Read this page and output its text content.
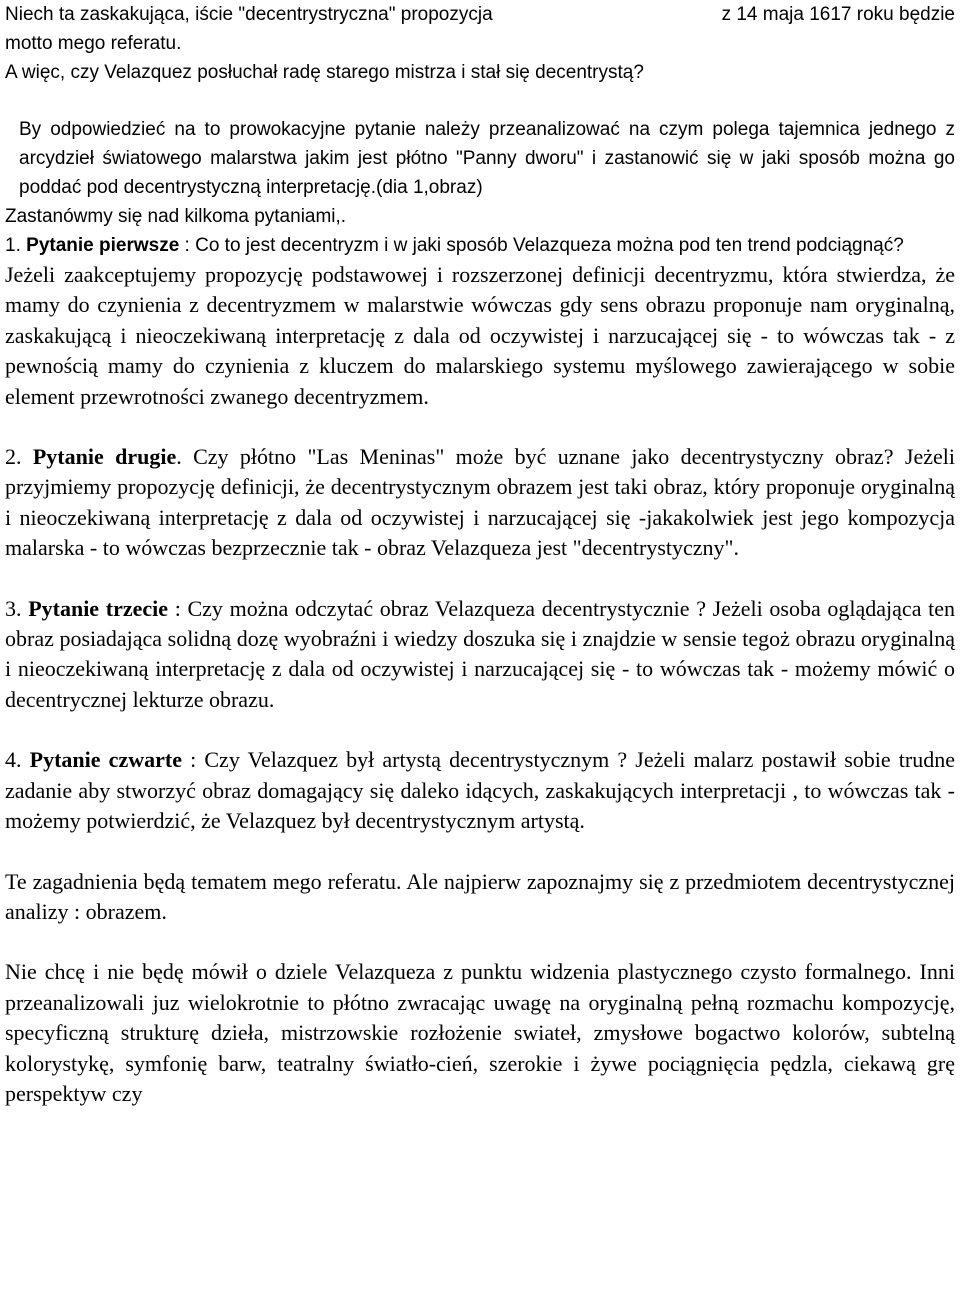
Niech ta zaskakująca, iście "decentrystryczna" propozycja	z 14 maja 1617 roku będzie
motto mego referatu.
A więc, czy Velazquez posłuchał radę starego mistrza i stał się decentrystą?

By odpowiedzieć na to prowokacyjne pytanie należy przeanalizować na czym polega tajemnica jednego z arcydzieł światowego malarstwa jakim jest płótno "Panny dworu" i zastanowić się w jaki sposób można go poddać pod decentrystyczną interpretację.(dia 1,obraz)

Zastanówmy się nad kilkoma pytaniami,.

1. Pytanie pierwsze : Co to jest decentryzm i w jaki sposób Velazqueza można pod ten trend podciągnąć?

Jeżeli zaakceptujemy propozycję podstawowej i rozszerzonej definicji decentryzmu, która stwierdza, że mamy do czynienia z decentryzmem w malarstwie wówczas gdy sens obrazu proponuje nam oryginalną, zaskakującą i nieoczekiwaną interpretację z dala od oczywistej i narzucającej się - to wówczas tak - z pewnością mamy do czynienia z kluczem do malarskiego systemu myślowego zawierającego w sobie element przewrotności zwanego decentryzmem.

2. Pytanie drugie. Czy płótno "Las Meninas" może być uznane jako decentrystyczny obraz? Jeżeli przyjmiemy propozycję definicji, że decentrystycznym obrazem jest taki obraz, który proponuje oryginalną i nieoczekiwaną interpretację z dala od oczywistej i narzucającej się -jakakolwiek jest jego kompozycja malarska - to wówczas bezprzecznie tak - obraz Velazqueza jest "decentrystyczny".

3. Pytanie trzecie : Czy można odczytać obraz Velazqueza decentrystycznie ? Jeżeli osoba oglądająca ten obraz posiadająca solidną dozę wyobraźni i wiedzy doszuka się i znajdzie w sensie tegoż obrazu oryginalną i nieoczekiwaną interpretację z dala od oczywistej i narzucającej się - to wówczas tak - możemy mówić o decentrycznej lekturze obrazu.

4. Pytanie czwarte : Czy Velazquez był artystą decentrystycznym ? Jeżeli malarz postawił sobie trudne zadanie aby stworzyć obraz domagający się daleko idących, zaskakujących interpretacji , to wówczas tak - możemy potwierdzić, że Velazquez był decentrystycznym artystą.

Te zagadnienia będą tematem mego referatu. Ale najpierw zapoznajmy się z przedmiotem decentrystycznej analizy : obrazem.

Nie chcę i nie będę mówił o dziele Velazqueza z punktu widzenia plastycznego czysto formalnego. Inni przeanalizowali juz wielokrotnie to płótno zwracając uwagę na oryginalną pełną rozmachu kompozycję, specyficzną strukturę dzieła, mistrzowskie rozłożenie swiateł, zmysłowe bogactwo kolorów, subtelną kolorystykę, symfonię barw, teatralny światło-cień, szerokie i żywe pociągnięcia pędzla, ciekawą grę perspektyw czy
